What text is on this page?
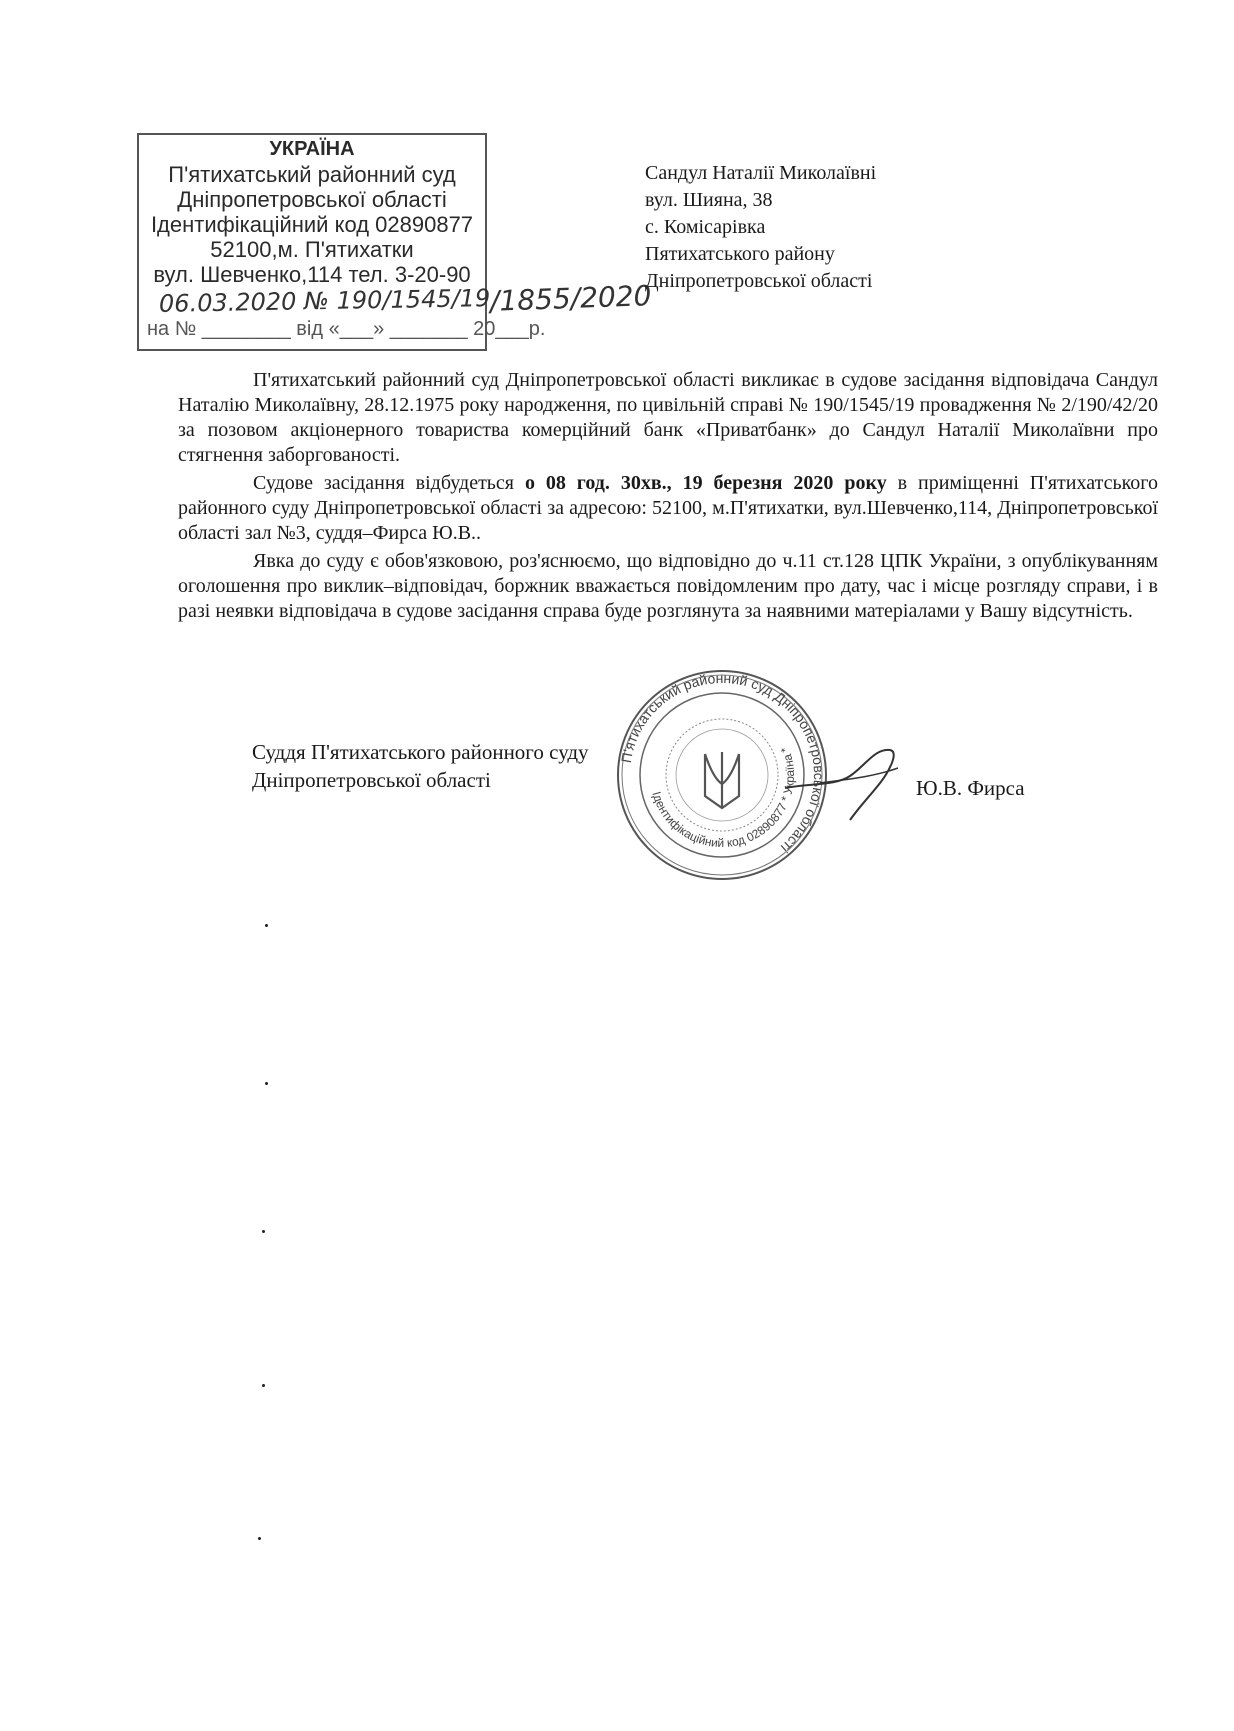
УКРАЇНА
П'ятихатський районний суд
Дніпропетровської області
Ідентифікаційний код 02890877
52100,м. П'ятихатки
вул. Шевченко,114 тел. 3-20-90
06.03.2020 № 190/1545/19
на № ________ від «___» _______ 20___р.
/1855/2020
Сандул Наталії Миколаївні
вул. Шияна, 38
с. Комісарівка
Пятихатського району
Дніпропетровської області

П'ятихатський районний суд Дніпропетровської області викликає в судове засідання відповідача Сандул Наталію Миколаївну, 28.12.1975 року народження, по цивільній справі № 190/1545/19 провадження № 2/190/42/20 за позовом акціонерного товариства комерційний банк «Приватбанк» до Сандул Наталії Миколаївни про стягнення заборгованості.

Судове засідання відбудеться о 08 год. 30хв., 19 березня 2020 року в приміщенні П'ятихатського районного суду Дніпропетровської області за адресою: 52100, м.П'ятихатки, вул.Шевченко,114, Дніпропетровської області зал №3, суддя–Фирса Ю.В..

Явка до суду є обов'язковою, роз'яснюємо, що відповідно до ч.11 ст.128 ЦПК України, з опублікуванням оголошення про виклик–відповідач, боржник вважається повідомленим про дату, час і місце розгляду справи, і в разі неявки відповідача в судове засідання справа буде розглянута за наявними матеріалами у Вашу відсутність.

Суддя П'ятихатського районного суду
Дніпропетровської області
П'ятихатський районний суд Дніпропетровської області
Ідентифікаційний код 02890877 * Україна *
Ю.В. Фирса
